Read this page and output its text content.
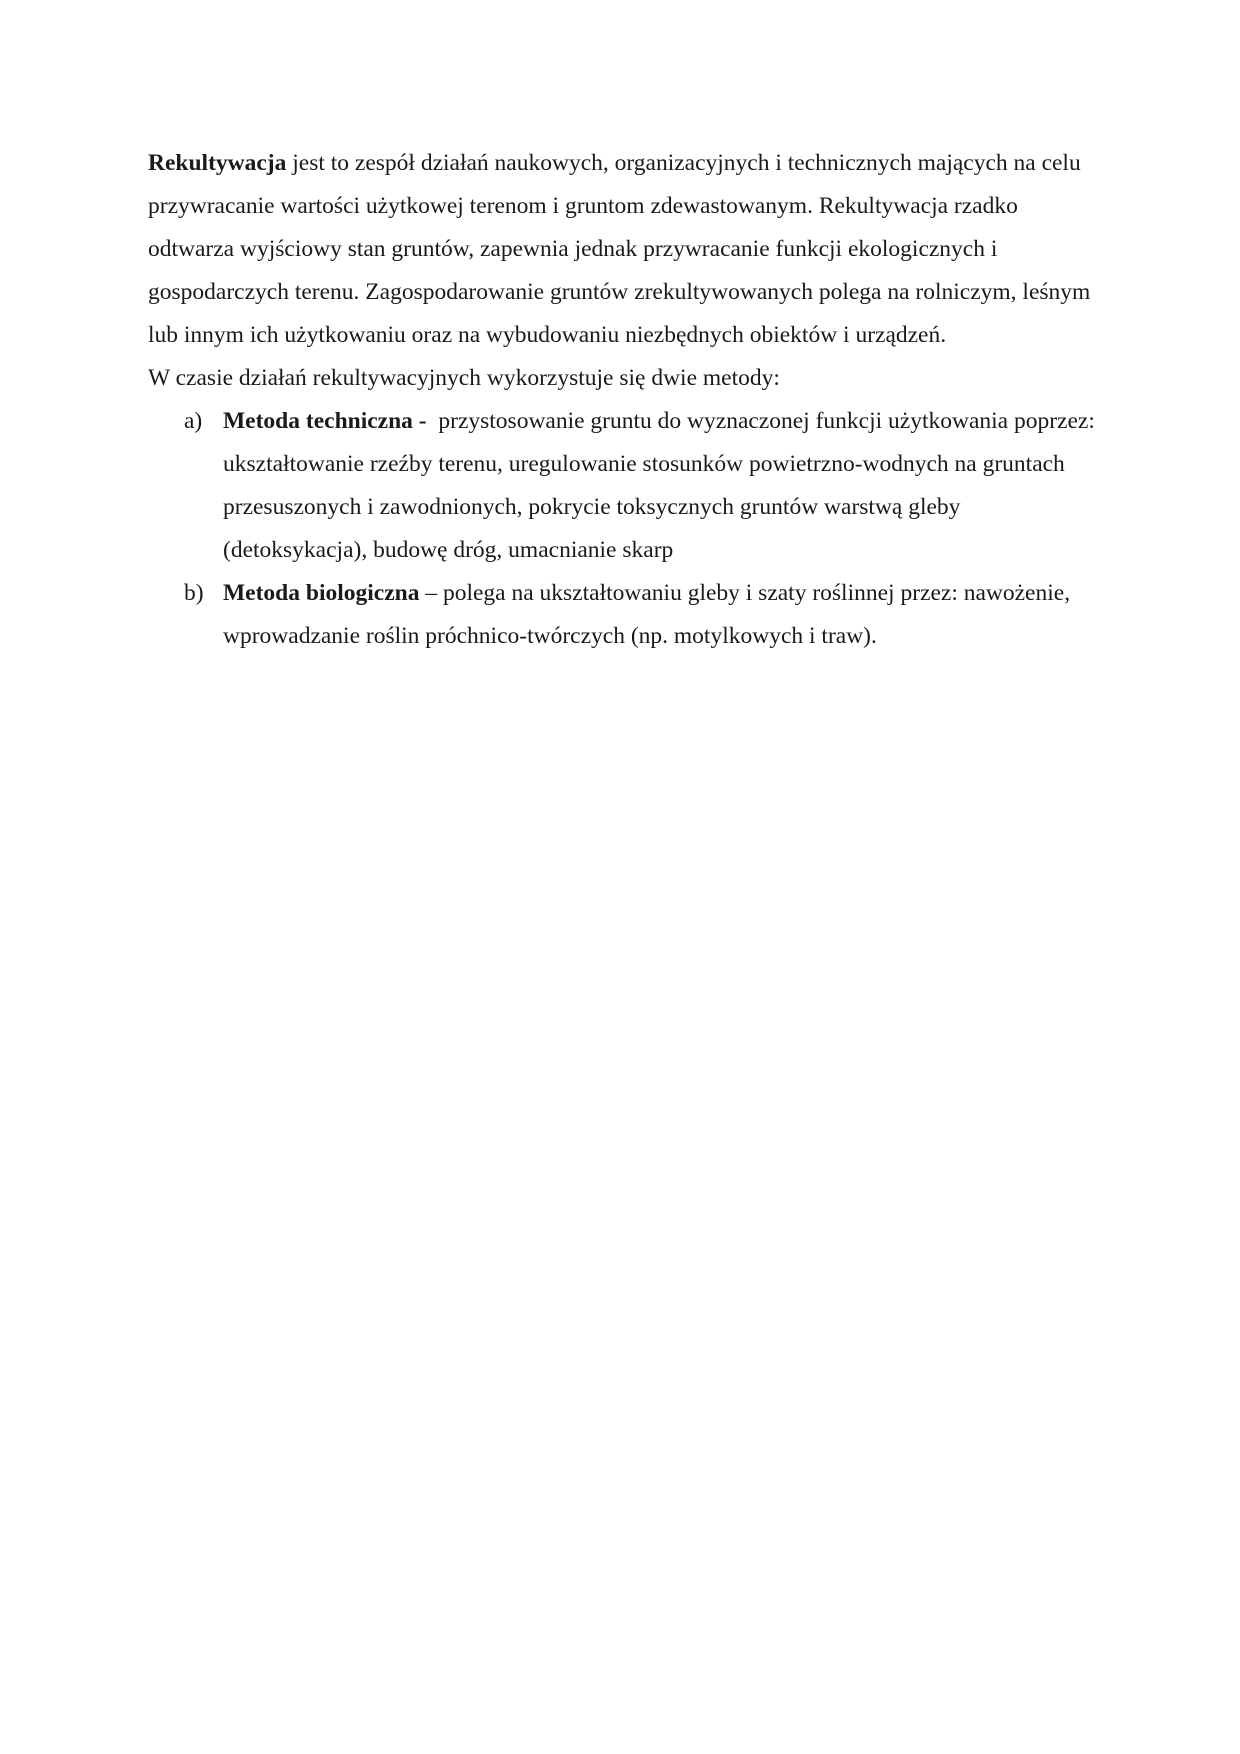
Rekultywacja jest to zespół działań naukowych, organizacyjnych i technicznych mających na celu przywracanie wartości użytkowej terenom i gruntom zdewastowanym. Rekultywacja rzadko odtwarza wyjściowy stan gruntów, zapewnia jednak przywracanie funkcji ekologicznych i gospodarczych terenu. Zagospodarowanie gruntów zrekultywowanych polega na rolniczym, leśnym lub innym ich użytkowaniu oraz na wybudowaniu niezbędnych obiektów i urządzeń.

W czasie działań rekultywacyjnych wykorzystuje się dwie metody:

a) Metoda techniczna -  przystosowanie gruntu do wyznaczonej funkcji użytkowania poprzez: ukształtowanie rzeźby terenu, uregulowanie stosunków powietrzno-wodnych na gruntach przesuszonych i zawodnionych, pokrycie toksycznych gruntów warstwą gleby (detoksykacja), budowę dróg, umacnianie skarp
b) Metoda biologiczna – polega na ukształtowaniu gleby i szaty roślinnej przez: nawożenie, wprowadzanie roślin próchnico-twórczych (np. motylkowych i traw).
